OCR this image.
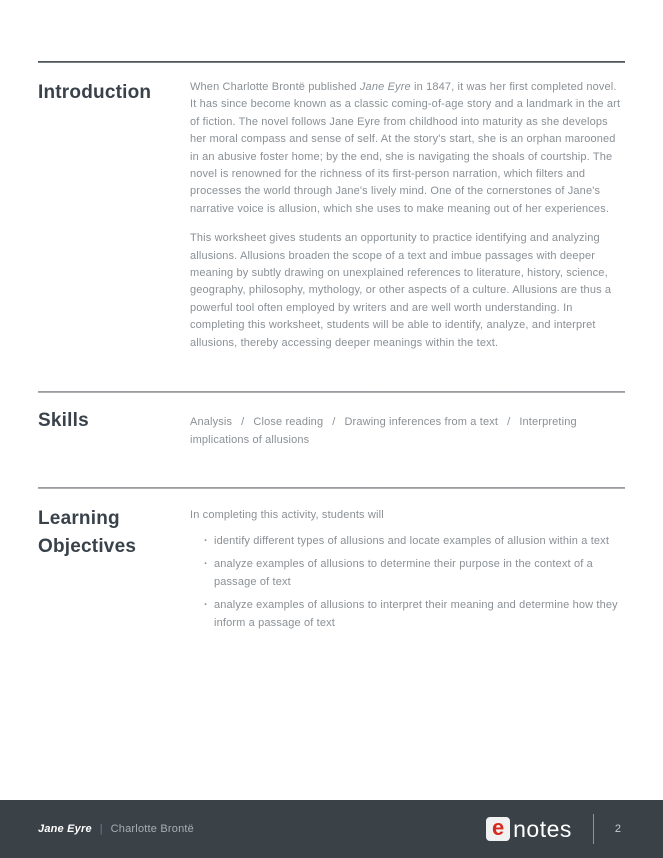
Introduction	When Charlotte Brontë published Jane Eyre in 1847, it was her first completed novel. It has since become known as a classic coming-of-age story and a landmark in the art of fiction. The novel follows Jane Eyre from childhood into maturity as she develops her moral compass and sense of self. At the story's start, she is an orphan marooned in an abusive foster home; by the end, she is navigating the shoals of courtship. The novel is renowned for the richness of its first-person narration, which filters and processes the world through Jane's lively mind. One of the cornerstones of Jane's narrative voice is allusion, which she uses to make meaning out of her experiences.

This worksheet gives students an opportunity to practice identifying and analyzing allusions. Allusions broaden the scope of a text and imbue passages with deeper meaning by subtly drawing on unexplained references to literature, history, science, geography, philosophy, mythology, or other aspects of a culture. Allusions are thus a powerful tool often employed by writers and are well worth understanding. In completing this worksheet, students will be able to identify, analyze, and interpret allusions, thereby accessing deeper meanings within the text.

Skills	Analysis / Close reading / Drawing inferences from a text / Interpreting implications of allusions
Learning Objectives

In completing this activity, students will

· identify different types of allusions and locate examples of allusion within a text
· analyze examples of allusions to determine their purpose in the context of a passage of text
· analyze examples of allusions to interpret their meaning and determine how they inform a passage of text
Jane Eyre | Charlotte Brontë	e notes	2
